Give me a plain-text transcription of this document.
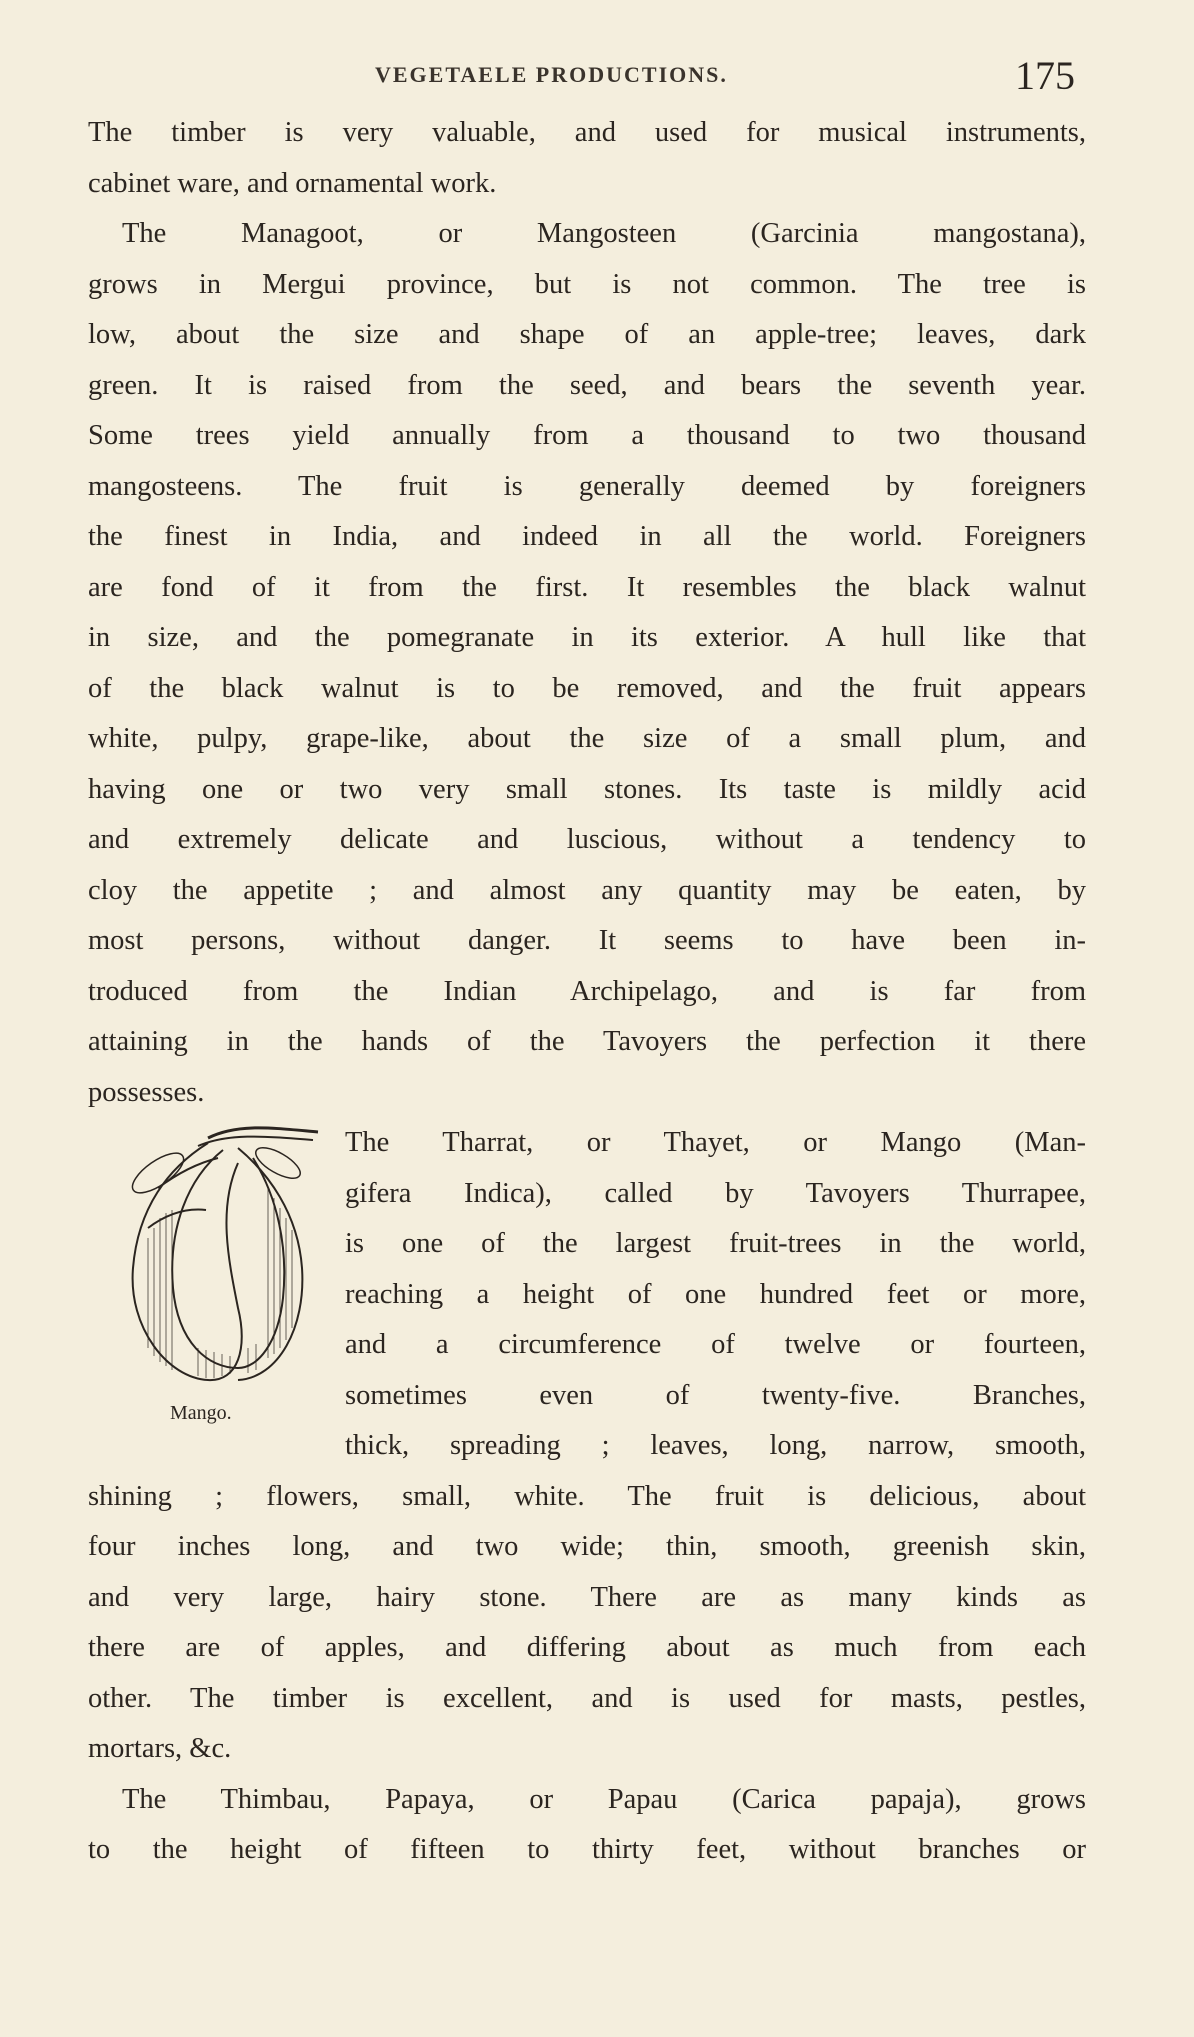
VEGETAELE PRODUCTIONS.	175
The timber is very valuable, and used for musical instruments,
cabinet ware, and ornamental work.
The Managoot, or Mangosteen (Garcinia mangostana),
grows in Mergui province, but is not common. The tree is
low, about the size and shape of an apple-tree; leaves, dark
green. It is raised from the seed, and bears the seventh year.
Some trees yield annually from a thousand to two thousand
mangosteens. The fruit is generally deemed by foreigners
the finest in India, and indeed in all the world. Foreigners
are fond of it from the first. It resembles the black walnut
in size, and the pomegranate in its exterior. A hull like that
of the black walnut is to be removed, and the fruit appears
white, pulpy, grape-like, about the size of a small plum, and
having one or two very small stones. Its taste is mildly acid
and extremely delicate and luscious, without a tendency to
cloy the appetite ; and almost any quantity may be eaten, by
most persons, without danger. It seems to have been in-
troduced from the Indian Archipelago, and is far from
attaining in the hands of the Tavoyers the perfection it there
possesses.
Mango.
The Tharrat, or Thayet, or Mango (Man-
gifera Indica), called by Tavoyers Thurrapee,
is one of the largest fruit-trees in the world,
reaching a height of one hundred feet or more,
and a circumference of twelve or fourteen,
sometimes even of twenty-five. Branches,
thick, spreading ; leaves, long, narrow, smooth,
shining ; flowers, small, white. The fruit is delicious, about
four inches long, and two wide; thin, smooth, greenish skin,
and very large, hairy stone. There are as many kinds as
there are of apples, and differing about as much from each
other. The timber is excellent, and is used for masts, pestles,
mortars, &c.
The Thimbau, Papaya, or Papau (Carica papaja), grows
to the height of fifteen to thirty feet, without branches or
